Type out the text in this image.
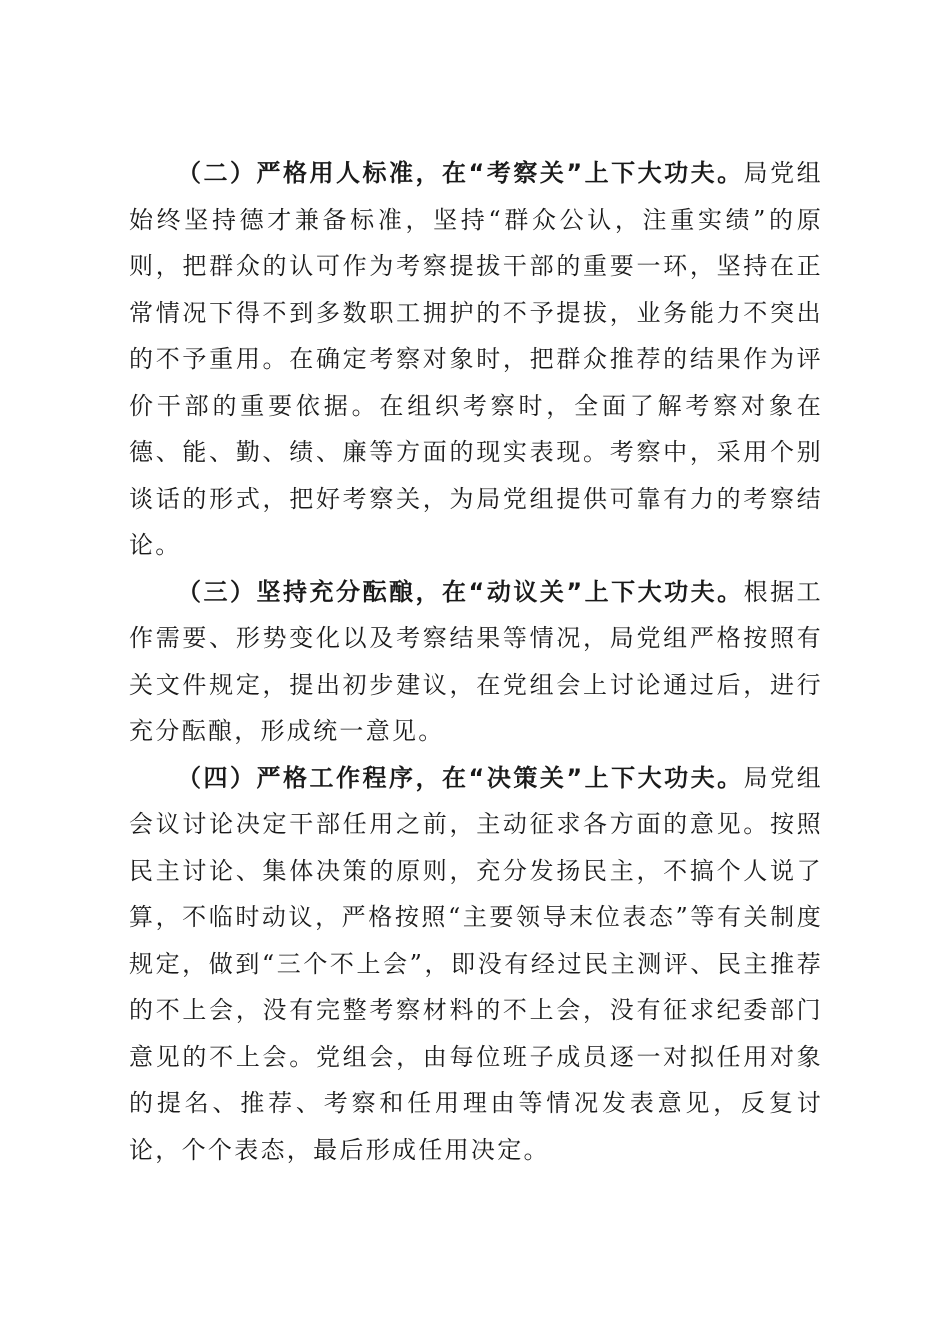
（二）严格用人标准，在“考察关”上下大功夫。局党组始终坚持德才兼备标准，坚持“群众公认，注重实绩”的原则，把群众的认可作为考察提拔干部的重要一环，坚持在正常情况下得不到多数职工拥护的不予提拔，业务能力不突出的不予重用。在确定考察对象时，把群众推荐的结果作为评价干部的重要依据。在组织考察时，全面了解考察对象在德、能、勤、绩、廉等方面的现实表现。考察中，采用个别谈话的形式，把好考察关，为局党组提供可靠有力的考察结论。

（三）坚持充分酝酿，在“动议关”上下大功夫。根据工作需要、形势变化以及考察结果等情况，局党组严格按照有关文件规定，提出初步建议，在党组会上讨论通过后，进行充分酝酿，形成统一意见。

（四）严格工作程序，在“决策关”上下大功夫。局党组会议讨论决定干部任用之前，主动征求各方面的意见。按照民主讨论、集体决策的原则，充分发扬民主，不搞个人说了算，不临时动议，严格按照“主要领导末位表态”等有关制度规定，做到“三个不上会”，即没有经过民主测评、民主推荐的不上会，没有完整考察材料的不上会，没有征求纪委部门意见的不上会。党组会，由每位班子成员逐一对拟任用对象的提名、推荐、考察和任用理由等情况发表意见，反复讨论，个个表态，最后形成任用决定。
